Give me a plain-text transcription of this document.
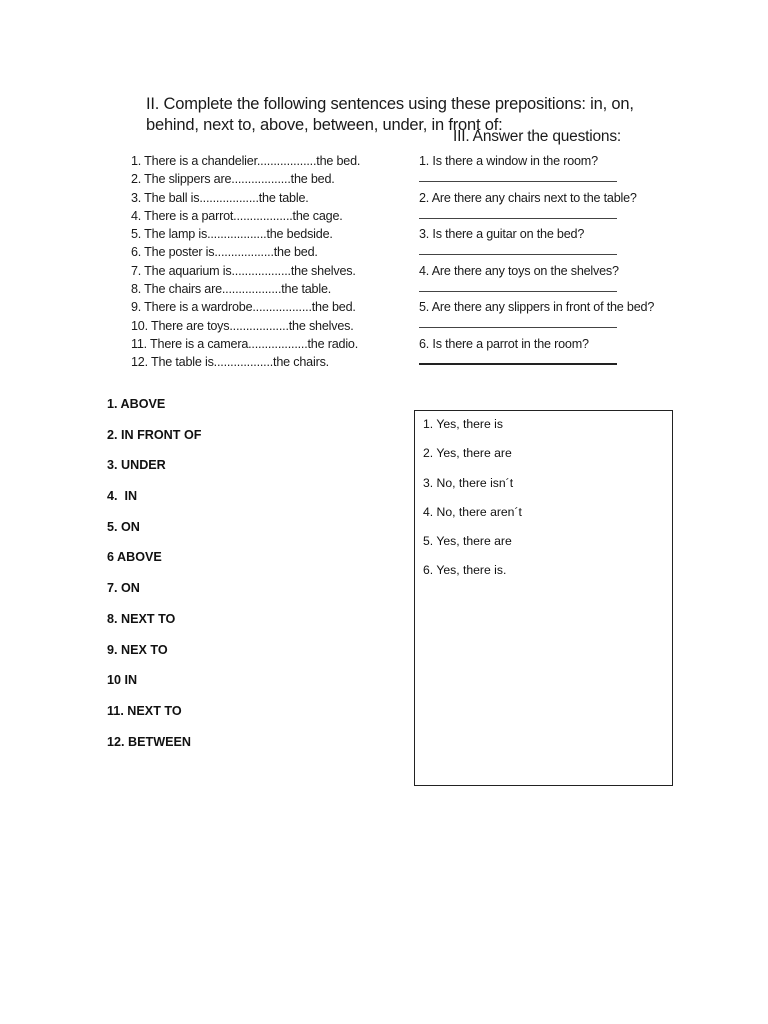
II. Complete the following sentences using these prepositions: in, on, behind, next to, above, between, under, in front of:
III. Answer the questions:
1. There is a chandelier..................the bed.
2. The slippers are..................the bed.
3. The ball is..................the table.
4. There is a parrot..................the cage.
5. The lamp is..................the bedside.
6. The poster is..................the bed.
7. The aquarium is..................the shelves.
8. The chairs are..................the table.
9. There is a wardrobe..................the bed.
10. There are toys..................the shelves.
11. There is a camera..................the radio.
12. The table is..................the chairs.
1. Is there a window in the room?
2. Are there any chairs next to the table?
3. Is there a guitar on the bed?
4. Are there any toys on the shelves?
5. Are there any slippers in front of the bed?
6. Is there a parrot in the room?
1. ABOVE
2. IN FRONT OF
3. UNDER
4.  IN
5. ON
6 ABOVE
7. ON
8. NEXT TO
9. NEX TO
10 IN
11. NEXT TO
12. BETWEEN
1. Yes, there is
2. Yes, there are
3. No, there isn´t
4. No, there aren´t
5. Yes, there are
6. Yes, there is.
